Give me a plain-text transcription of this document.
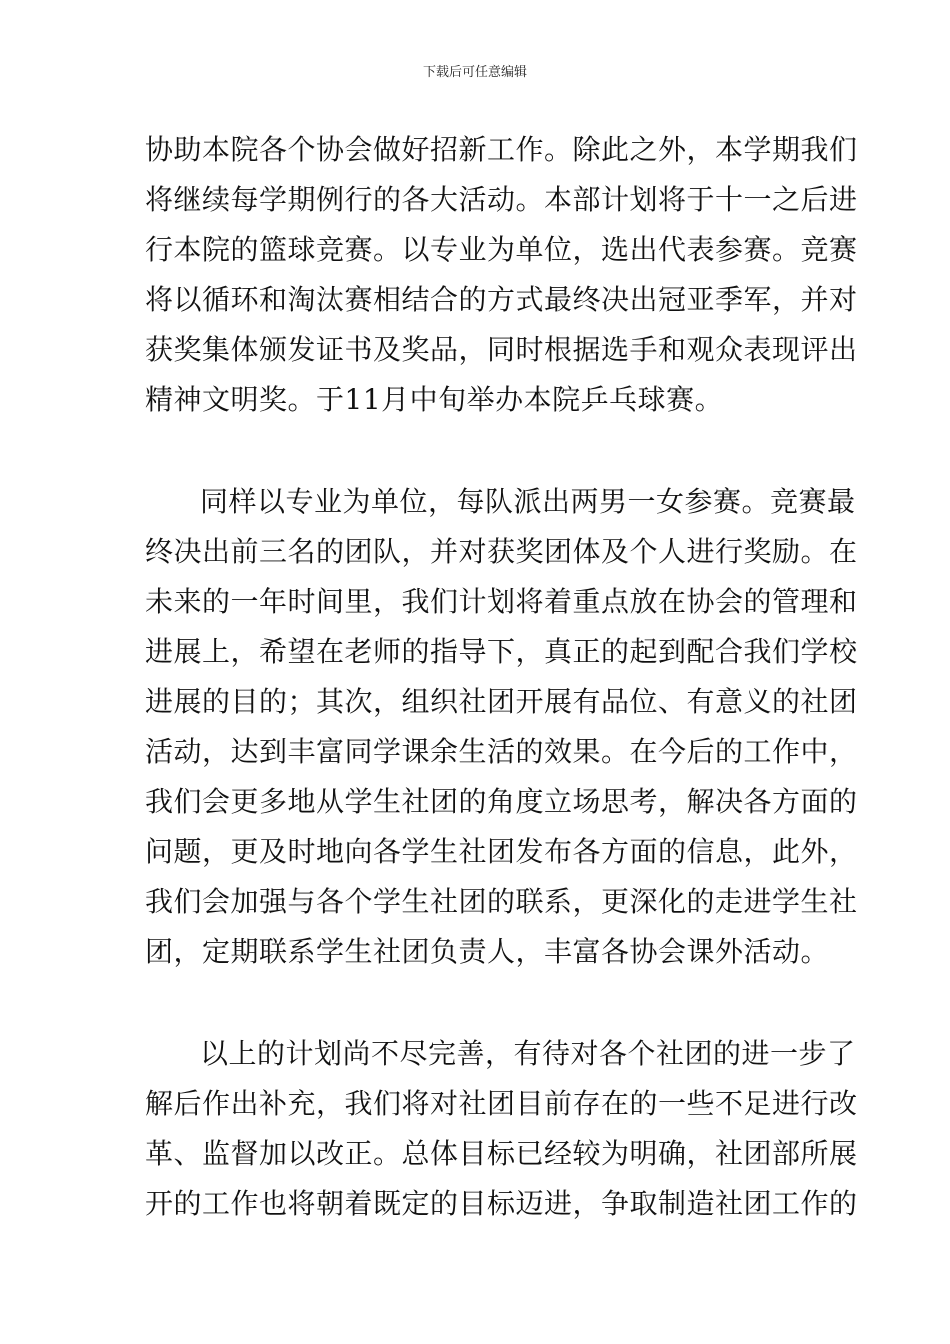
下载后可任意编辑
协助本院各个协会做好招新工作。除此之外，本学期我们
将继续每学期例行的各大活动。本部计划将于十一之后进
行本院的篮球竞赛。以专业为单位，选出代表参赛。竞赛
将以循环和淘汰赛相结合的方式最终决出冠亚季军，并对
获奖集体颁发证书及奖品，同时根据选手和观众表现评出
精神文明奖。于11月中旬举办本院乒乓球赛。
同样以专业为单位，每队派出两男一女参赛。竞赛最
终决出前三名的团队，并对获奖团体及个人进行奖励。在
未来的一年时间里，我们计划将着重点放在协会的管理和
进展上，希望在老师的指导下，真正的起到配合我们学校
进展的目的；其次，组织社团开展有品位、有意义的社团
活动，达到丰富同学课余生活的效果。在今后的工作中，
我们会更多地从学生社团的角度立场思考，解决各方面的
问题，更及时地向各学生社团发布各方面的信息，此外，
我们会加强与各个学生社团的联系，更深化的走进学生社
团，定期联系学生社团负责人，丰富各协会课外活动。
以上的计划尚不尽完善，有待对各个社团的进一步了
解后作出补充，我们将对社团目前存在的一些不足进行改
革、监督加以改正。总体目标已经较为明确，社团部所展
开的工作也将朝着既定的目标迈进，争取制造社团工作的
